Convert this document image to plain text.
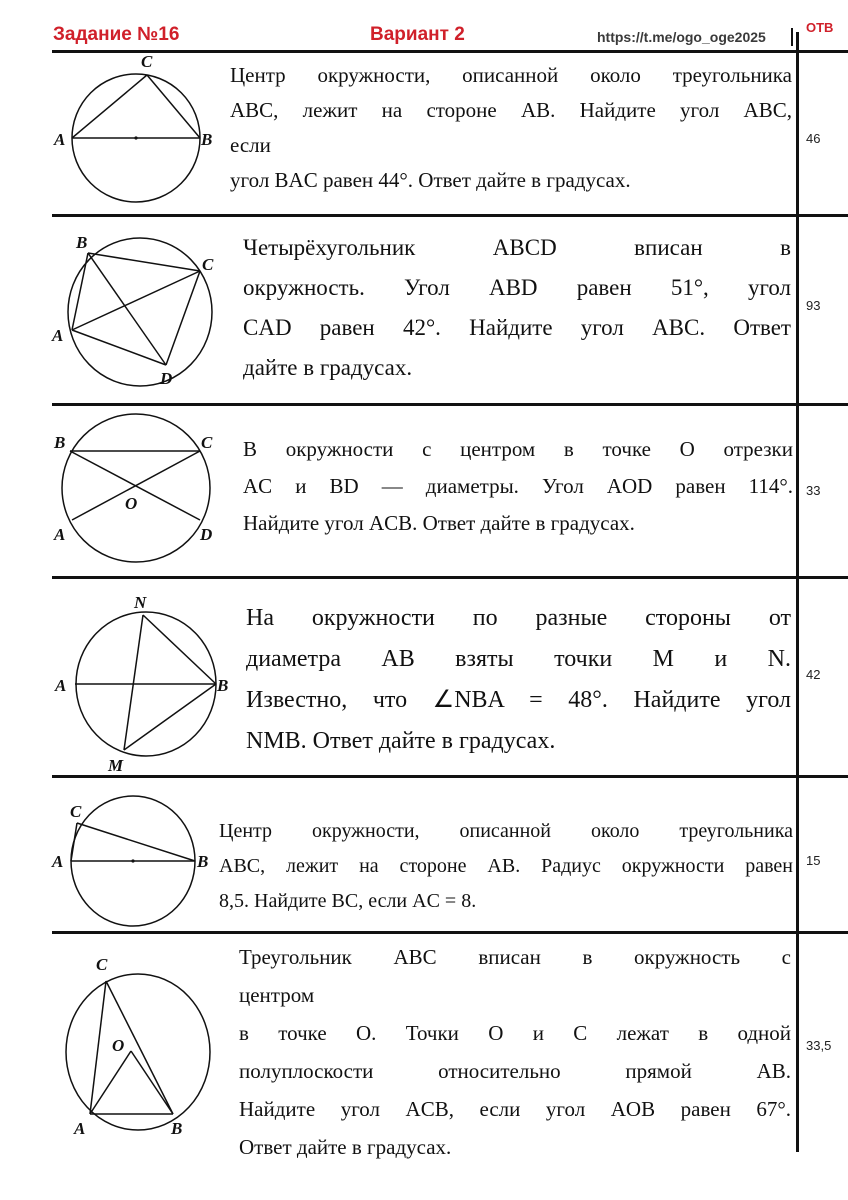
Задание №16	Вариант 2	https://t.me/ogo_oge2025
ОТВ
C
A	B

Центр окружности, описанной около треугольника

ABC, лежит на стороне AB. Найдите угол ABC,

если

угол BAC равен 44°. Ответ дайте в градусах.

46
B
C
A
D

Четырёхугольник ABCD вписан в

окружность. Угол ABD равен 51°, угол

CAD равен 42°. Найдите угол ABC. Ответ

дайте в градусах.

93
B	C
O
A	D

В окружности с центром в точке O отрезки

AC и BD — диаметры. Угол AOD равен 114°.

Найдите угол ACB. Ответ дайте в градусах.

33
N
A	B
M

На окружности по разные стороны от

диаметра AB взяты точки M и N.

Известно, что ∠NBA = 48°. Найдите угол

NMB. Ответ дайте в градусах.

42
C
A	B

Центр окружности, описанной около треугольника

ABC, лежит на стороне AB. Радиус окружности равен

8,5. Найдите BC, если AC = 8.

15
C
O
A	B

Треугольник ABC вписан в окружность с

центром

в точке O. Точки O и C лежат в одной

полуплоскости относительно прямой AB.

Найдите угол ACB, если угол AOB равен 67°.

Ответ дайте в градусах.

33,5
